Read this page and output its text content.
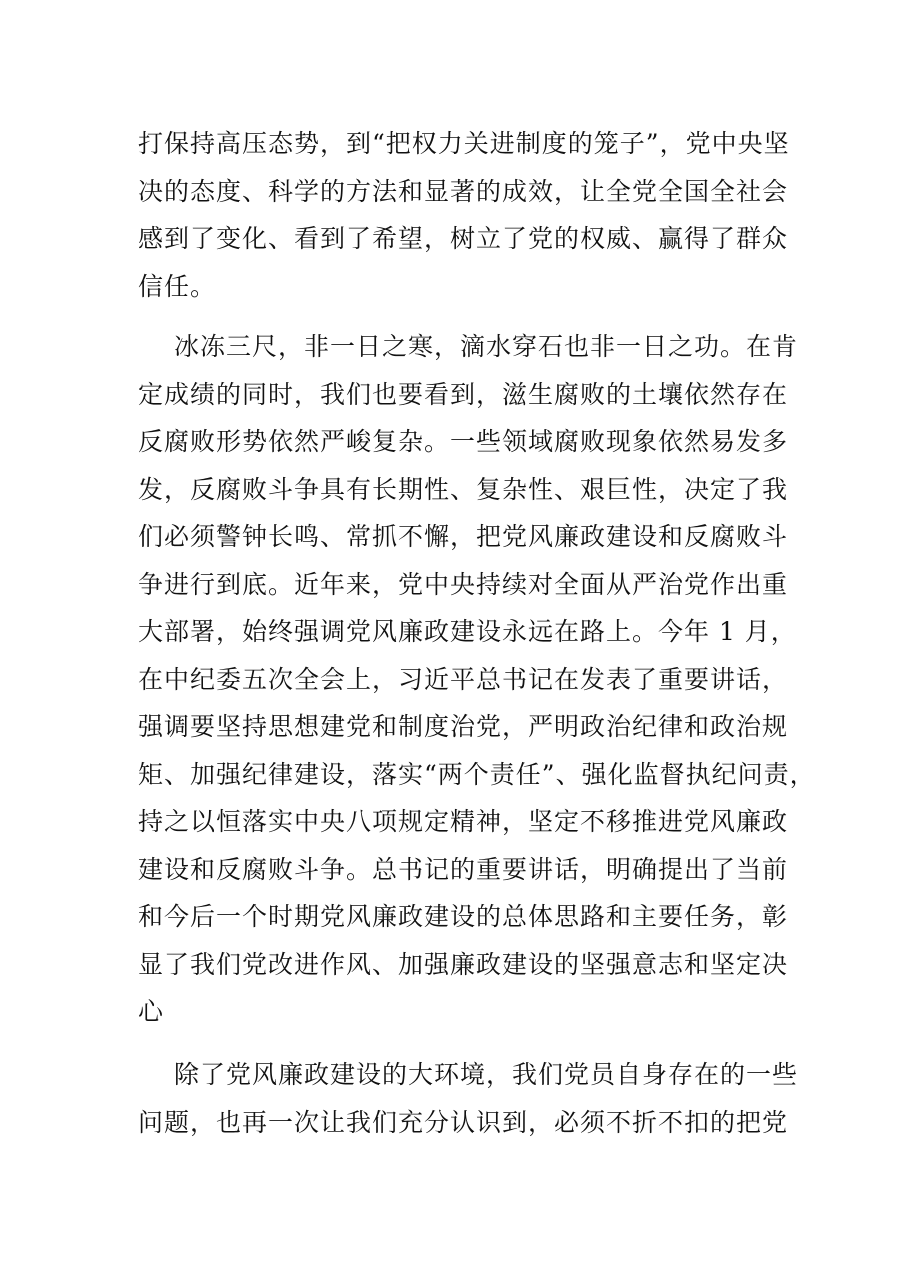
打保持高压态势，到“把权力关进制度的笼子”，党中央坚
决的态度、科学的方法和显著的成效，让全党全国全社会
感到了变化、看到了希望，树立了党的权威、赢得了群众
信任。
冰冻三尺，非一日之寒，滴水穿石也非一日之功。在肯
定成绩的同时，我们也要看到，滋生腐败的土壤依然存在
反腐败形势依然严峻复杂。一些领域腐败现象依然易发多
发，反腐败斗争具有长期性、复杂性、艰巨性，决定了我
们必须警钟长鸣、常抓不懈，把党风廉政建设和反腐败斗
争进行到底。近年来，党中央持续对全面从严治党作出重
大部署，始终强调党风廉政建设永远在路上。今年 1 月，
在中纪委五次全会上，习近平总书记在发表了重要讲话，
强调要坚持思想建党和制度治党，严明政治纪律和政治规
矩、加强纪律建设，落实“两个责任”、强化监督执纪问责，
持之以恒落实中央八项规定精神，坚定不移推进党风廉政
建设和反腐败斗争。总书记的重要讲话，明确提出了当前
和今后一个时期党风廉政建设的总体思路和主要任务，彰
显了我们党改进作风、加强廉政建设的坚强意志和坚定决
心
除了党风廉政建设的大环境，我们党员自身存在的一些
问题，也再一次让我们充分认识到，必须不折不扣的把党
